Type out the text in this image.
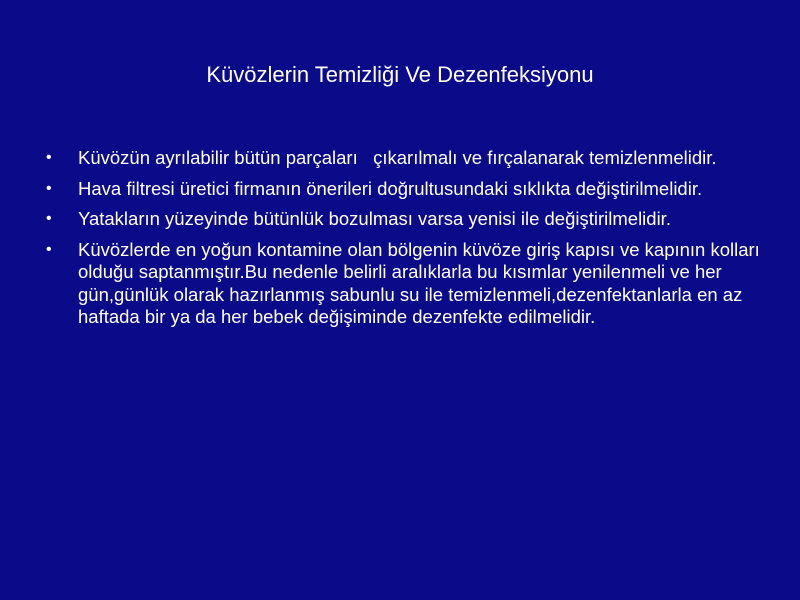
Küvözlerin Temizliği Ve Dezenfeksiyonu
• Küvözün ayrılabilir bütün parçaları   çıkarılmalı ve fırçalanarak temizlenmelidir.
• Hava filtresi üretici firmanın önerileri doğrultusundaki sıklıkta değiştirilmelidir.
• Yatakların yüzeyinde bütünlük bozulması varsa yenisi ile değiştirilmelidir.
• Küvözlerde en yoğun kontamine olan bölgenin küvöze giriş kapısı ve kapının kolları olduğu saptanmıştır.Bu nedenle belirli aralıklarla bu kısımlar yenilenmeli ve her gün,günlük olarak hazırlanmış sabunlu su ile temizlenmeli,dezenfektanlarla en az haftada bir ya da her bebek değişiminde dezenfekte edilmelidir.
